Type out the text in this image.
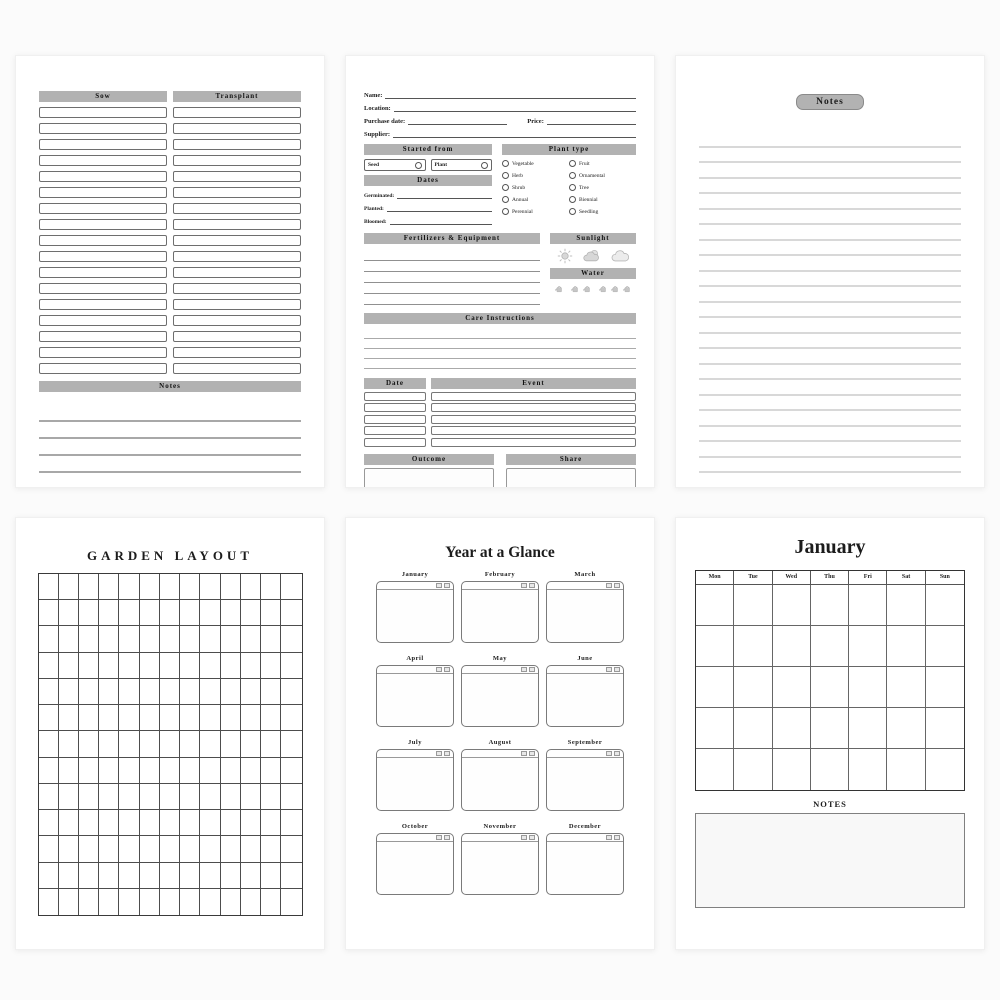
Sow	Transplant
Notes
Name:
Location:
Purchase date:	Price:
Supplier:
Started from
Seed	Plant
Dates
Germinated:
Planted:
Bloomed:
Plant type
Vegetable
Herb
Shrub
Annual
Perennial
Fruit
Ornamental
Tree
Biennial
Seedling
Fertilizers & Equipment	Sunlight
Water
Care Instructions
Date	Event
Outcome	Share
Notes
GARDEN LAYOUT	Year at a Glance
January	February	March
April	May	June
July	August	September
October	November	December
January
Mon	Tue	Wed	Thu	Fri	Sat	Sun
NOTES
